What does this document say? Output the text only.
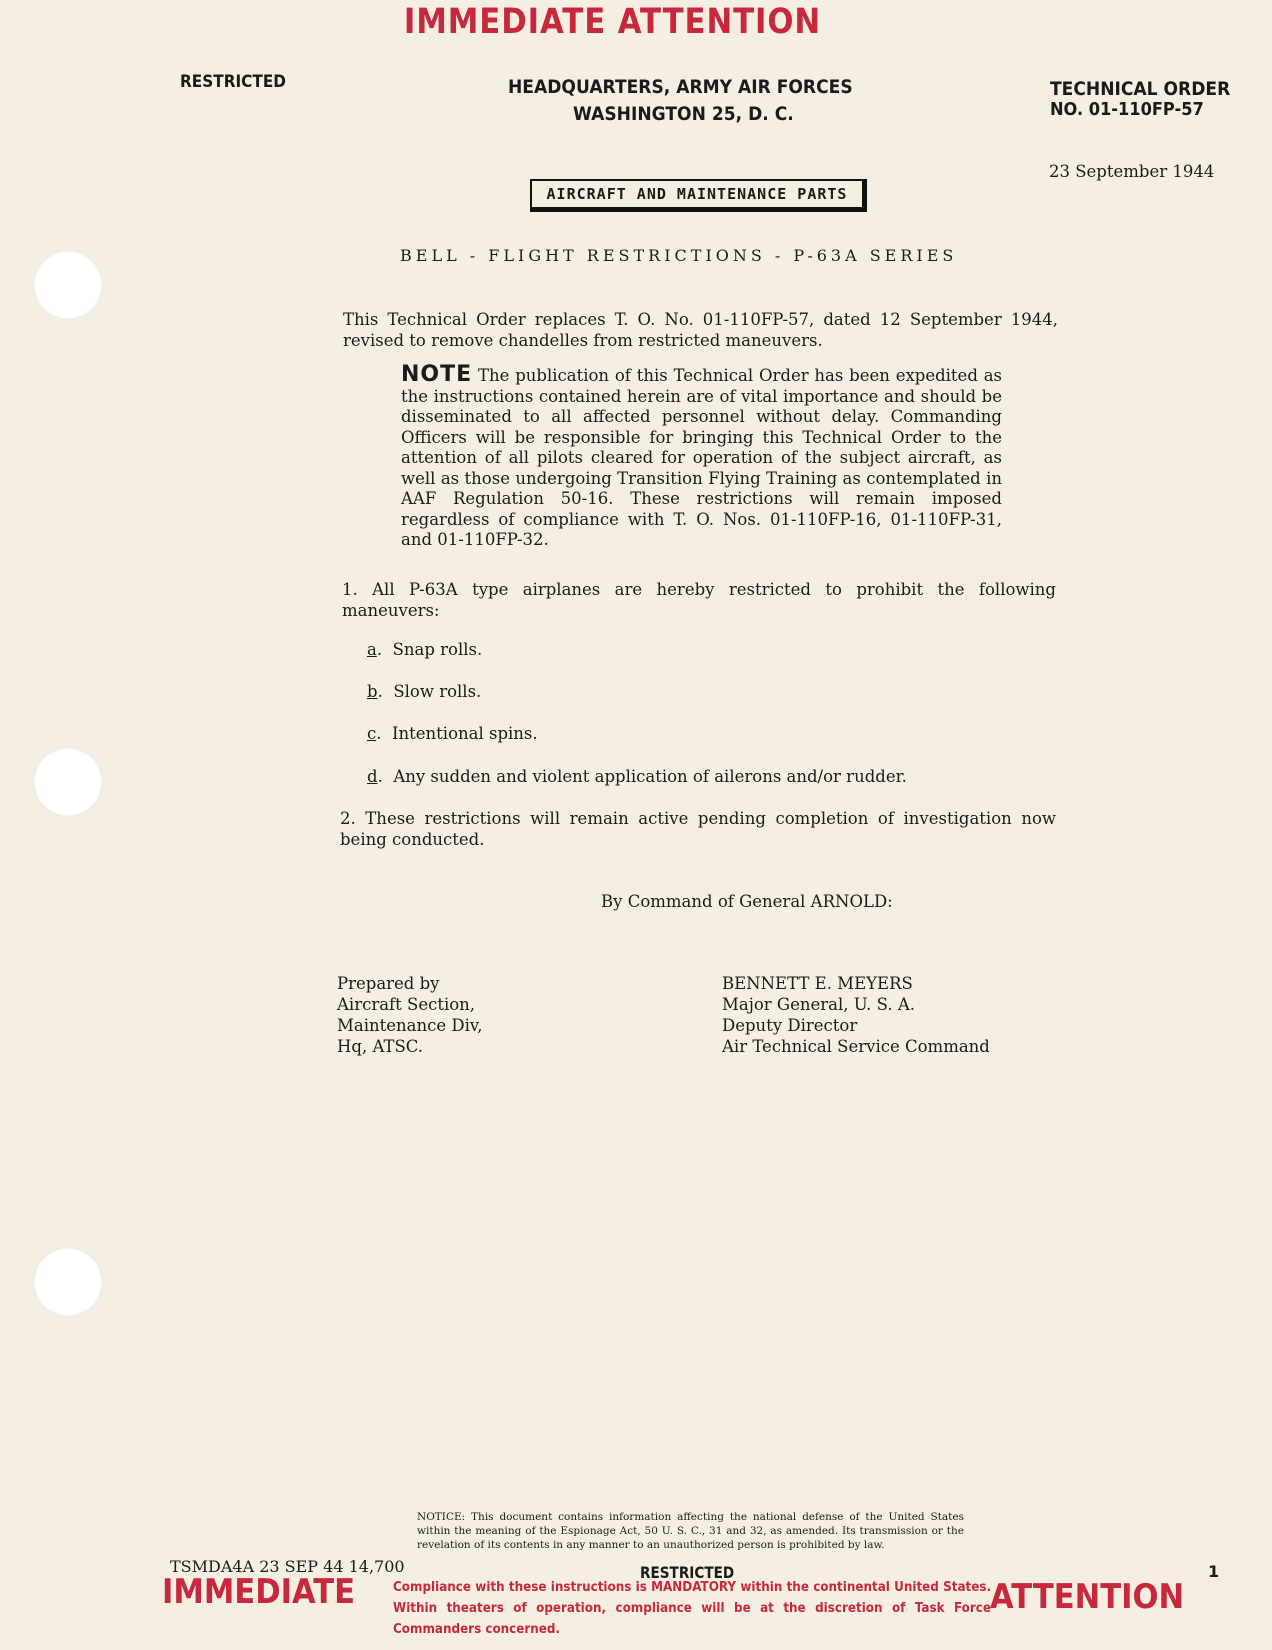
IMMEDIATE ATTENTION
RESTRICTED	HEADQUARTERS, ARMY AIR FORCES
WASHINGTON 25, D. C.
TECHNICAL ORDER
NO. 01-110FP-57
23 September 1944
AIRCRAFT AND MAINTENANCE PARTS
BELL - FLIGHT RESTRICTIONS - P-63A SERIES
This Technical Order replaces T. O. No. 01-110FP-57, dated 12 September 1944, revised to remove chandelles from restricted maneuvers.
NOTE The publication of this Technical Order has been expedited as the instructions contained herein are of vital importance and should be disseminated to all affected personnel without delay. Commanding Officers will be responsible for bringing this Technical Order to the attention of all pilots cleared for operation of the subject aircraft, as well as those undergoing Transition Flying Training as contemplated in AAF Regulation 50-16. These restrictions will remain imposed regardless of compliance with T. O. Nos. 01-110FP-16, 01-110FP-31, and 01-110FP-32.
1. All P-63A type airplanes are hereby restricted to prohibit the following maneuvers:
a.  Snap rolls.
b.  Slow rolls.
c.  Intentional spins.
d.  Any sudden and violent application of ailerons and/or rudder.
2. These restrictions will remain active pending completion of investigation now being conducted.
By Command of General ARNOLD:
Prepared by
Aircraft Section,
Maintenance Div,
Hq, ATSC.
BENNETT E. MEYERS
Major General, U. S. A.
Deputy Director
Air Technical Service Command
NOTICE: This document contains information affecting the national defense of the United States within the meaning of the Espionage Act, 50 U. S. C., 31 and 32, as amended. Its transmission or the revelation of its contents in any manner to an unauthorized person is prohibited by law.
TSMDA4A 23 SEP 44 14,700	RESTRICTED	1
IMMEDIATE	Compliance with these instructions is MANDATORY within the continental United States. Within theaters of operation, compliance will be at the discretion of Task Force Commanders concerned.
ATTENTION
